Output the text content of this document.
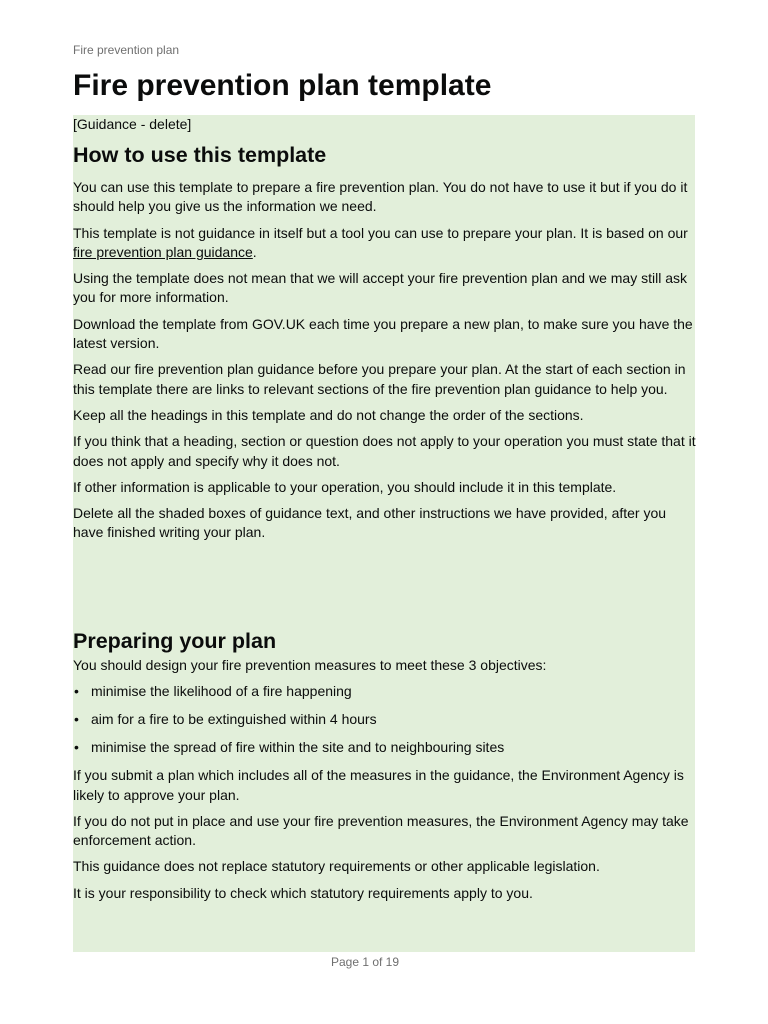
Fire prevention plan
Fire prevention plan template
[Guidance - delete]
How to use this template

You can use this template to prepare a fire prevention plan. You do not have to use it but if you do it should help you give us the information we need.

This template is not guidance in itself but a tool you can use to prepare your plan. It is based on our fire prevention plan guidance.

Using the template does not mean that we will accept your fire prevention plan and we may still ask you for more information.

Download the template from GOV.UK each time you prepare a new plan, to make sure you have the latest version.

Read our fire prevention plan guidance before you prepare your plan. At the start of each section in this template there are links to relevant sections of the fire prevention plan guidance to help you.

Keep all the headings in this template and do not change the order of the sections.

If you think that a heading, section or question does not apply to your operation you must state that it does not apply and specify why it does not.

If other information is applicable to your operation, you should include it in this template.

Delete all the shaded boxes of guidance text, and other instructions we have provided, after you have finished writing your plan.

Preparing your plan

You should design your fire prevention measures to meet these 3 objectives:

• minimise the likelihood of a fire happening
• aim for a fire to be extinguished within 4 hours
• minimise the spread of fire within the site and to neighbouring sites

If you submit a plan which includes all of the measures in the guidance, the Environment Agency is likely to approve your plan.

If you do not put in place and use your fire prevention measures, the Environment Agency may take enforcement action.

This guidance does not replace statutory requirements or other applicable legislation.

It is your responsibility to check which statutory requirements apply to you.

Page 1 of 19
